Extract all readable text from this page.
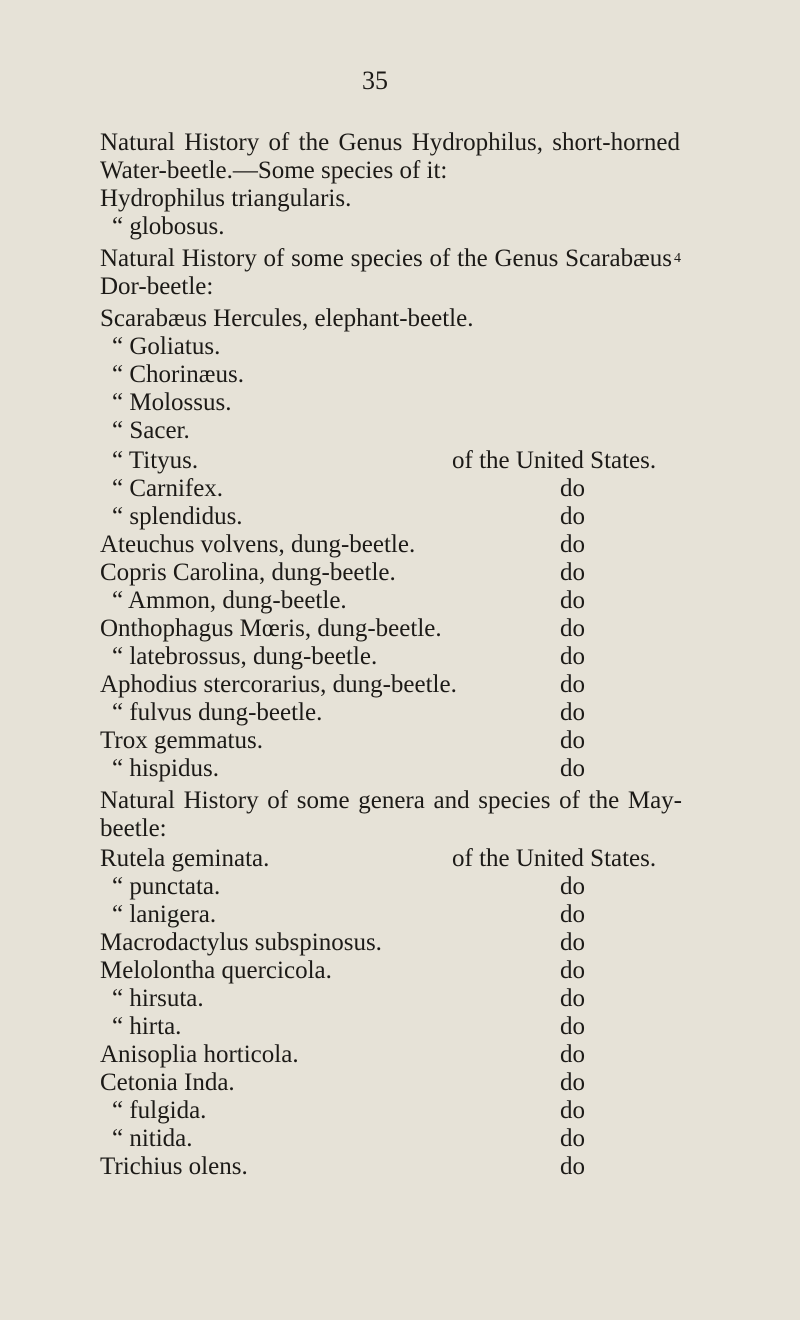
35
Natural History of the Genus Hydrophilus, short-horned
Water-beetle.—Some species of it:
Hydrophilus triangularis.
“ globosus.
Natural History of some species of the Genus Scarabæus 4
Dor-beetle:
Scarabæus Hercules, elephant-beetle.
“ Goliatus.
“ Chorinæus.
“ Molossus.
“ Sacer.
“ Tityus.	of the United States.
“ Carnifex.	do
“ splendidus.	do
Ateuchus volvens, dung-beetle.	do
Copris Carolina, dung-beetle.	do
“ Ammon, dung-beetle.	do
Onthophagus Mœris, dung-beetle.	do
“ latebrossus, dung-beetle.	do
Aphodius stercorarius, dung-beetle.	do
“ fulvus dung-beetle.	do
Trox gemmatus.	do
“ hispidus.	do
Natural History of some genera and species of the May-
beetle:
Rutela geminata.	of the United States.
“ punctata.	do
“ lanigera.	do
Macrodactylus subspinosus.	do
Melolontha quercicola.	do
“ hirsuta.	do
“ hirta.	do
Anisoplia horticola.	do
Cetonia Inda.	do
“ fulgida.	do
“ nitida.	do
Trichius olens.	do
